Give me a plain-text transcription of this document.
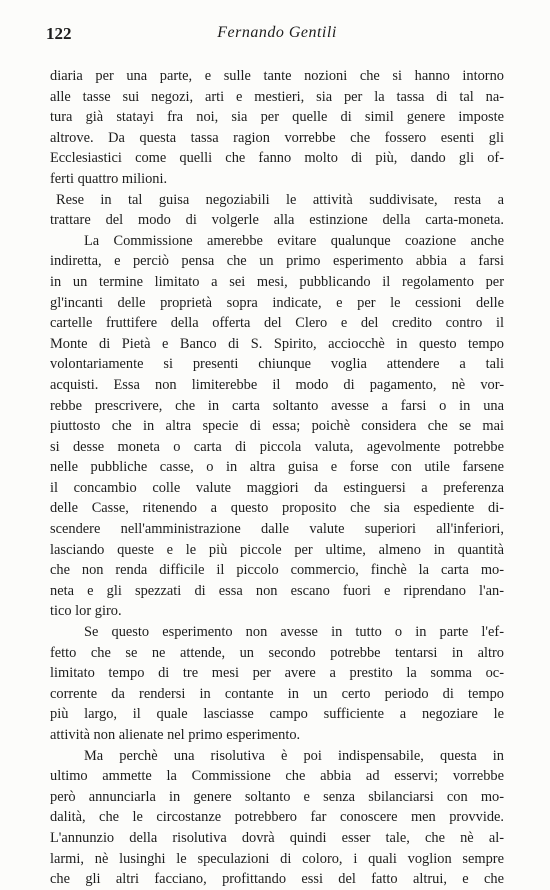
122	Fernando Gentili
diaria per una parte, e sulle tante nozioni che si hanno intorno
alle tasse sui negozi, arti e mestieri, sia per la tassa di tal na-
tura già statayi fra noi, sia per quelle di simil genere imposte
altrove. Da questa tassa ragion vorrebbe che fossero esenti gli
Ecclesiastici come quelli che fanno molto di più, dando gli of-
ferti quattro milioni.
Rese in tal guisa negoziabili le attività suddivisate, resta a
trattare del modo di volgerle alla estinzione della carta-moneta.
La Commissione amerebbe evitare qualunque coazione anche
indiretta, e perciò pensa che un primo esperimento abbia a farsi
in un termine limitato a sei mesi, pubblicando il regolamento per
gl'incanti delle proprietà sopra indicate, e per le cessioni delle
cartelle fruttifere della offerta del Clero e del credito contro il
Monte di Pietà e Banco di S. Spirito, acciocchè in questo tempo
volontariamente si presenti chiunque voglia attendere a tali
acquisti. Essa non limiterebbe il modo di pagamento, nè vor-
rebbe prescrivere, che in carta soltanto avesse a farsi o in una
piuttosto che in altra specie di essa; poichè considera che se mai
si desse moneta o carta di piccola valuta, agevolmente potrebbe
nelle pubbliche casse, o in altra guisa e forse con utile farsene
il concambio colle valute maggiori da estinguersi a preferenza
delle Casse, ritenendo a questo proposito che sia espediente di-
scendere nell'amministrazione dalle valute superiori all'inferiori,
lasciando queste e le più piccole per ultime, almeno in quantità
che non renda difficile il piccolo commercio, finchè la carta mo-
neta e gli spezzati di essa non escano fuori e riprendano l'an-
tico lor giro.
Se questo esperimento non avesse in tutto o in parte l'ef-
fetto che se ne attende, un secondo potrebbe tentarsi in altro
limitato tempo di tre mesi per avere a prestito la somma oc-
corrente da rendersi in contante in un certo periodo di tempo
più largo, il quale lasciasse campo sufficiente a negoziare le
attività non alienate nel primo esperimento.
Ma perchè una risolutiva è poi indispensabile, questa in
ultimo ammette la Commissione che abbia ad esservi; vorrebbe
però annunciarla in genere soltanto e senza sbilanciarsi con mo-
dalità, che le circostanze potrebbero far conoscere men provvide.
L'annunzio della risolutiva dovrà quindi esser tale, che nè al-
larmi, nè lusinghi le speculazioni di coloro, i quali voglion sempre
che gli altri facciano, profittando essi del fatto altrui, e che
